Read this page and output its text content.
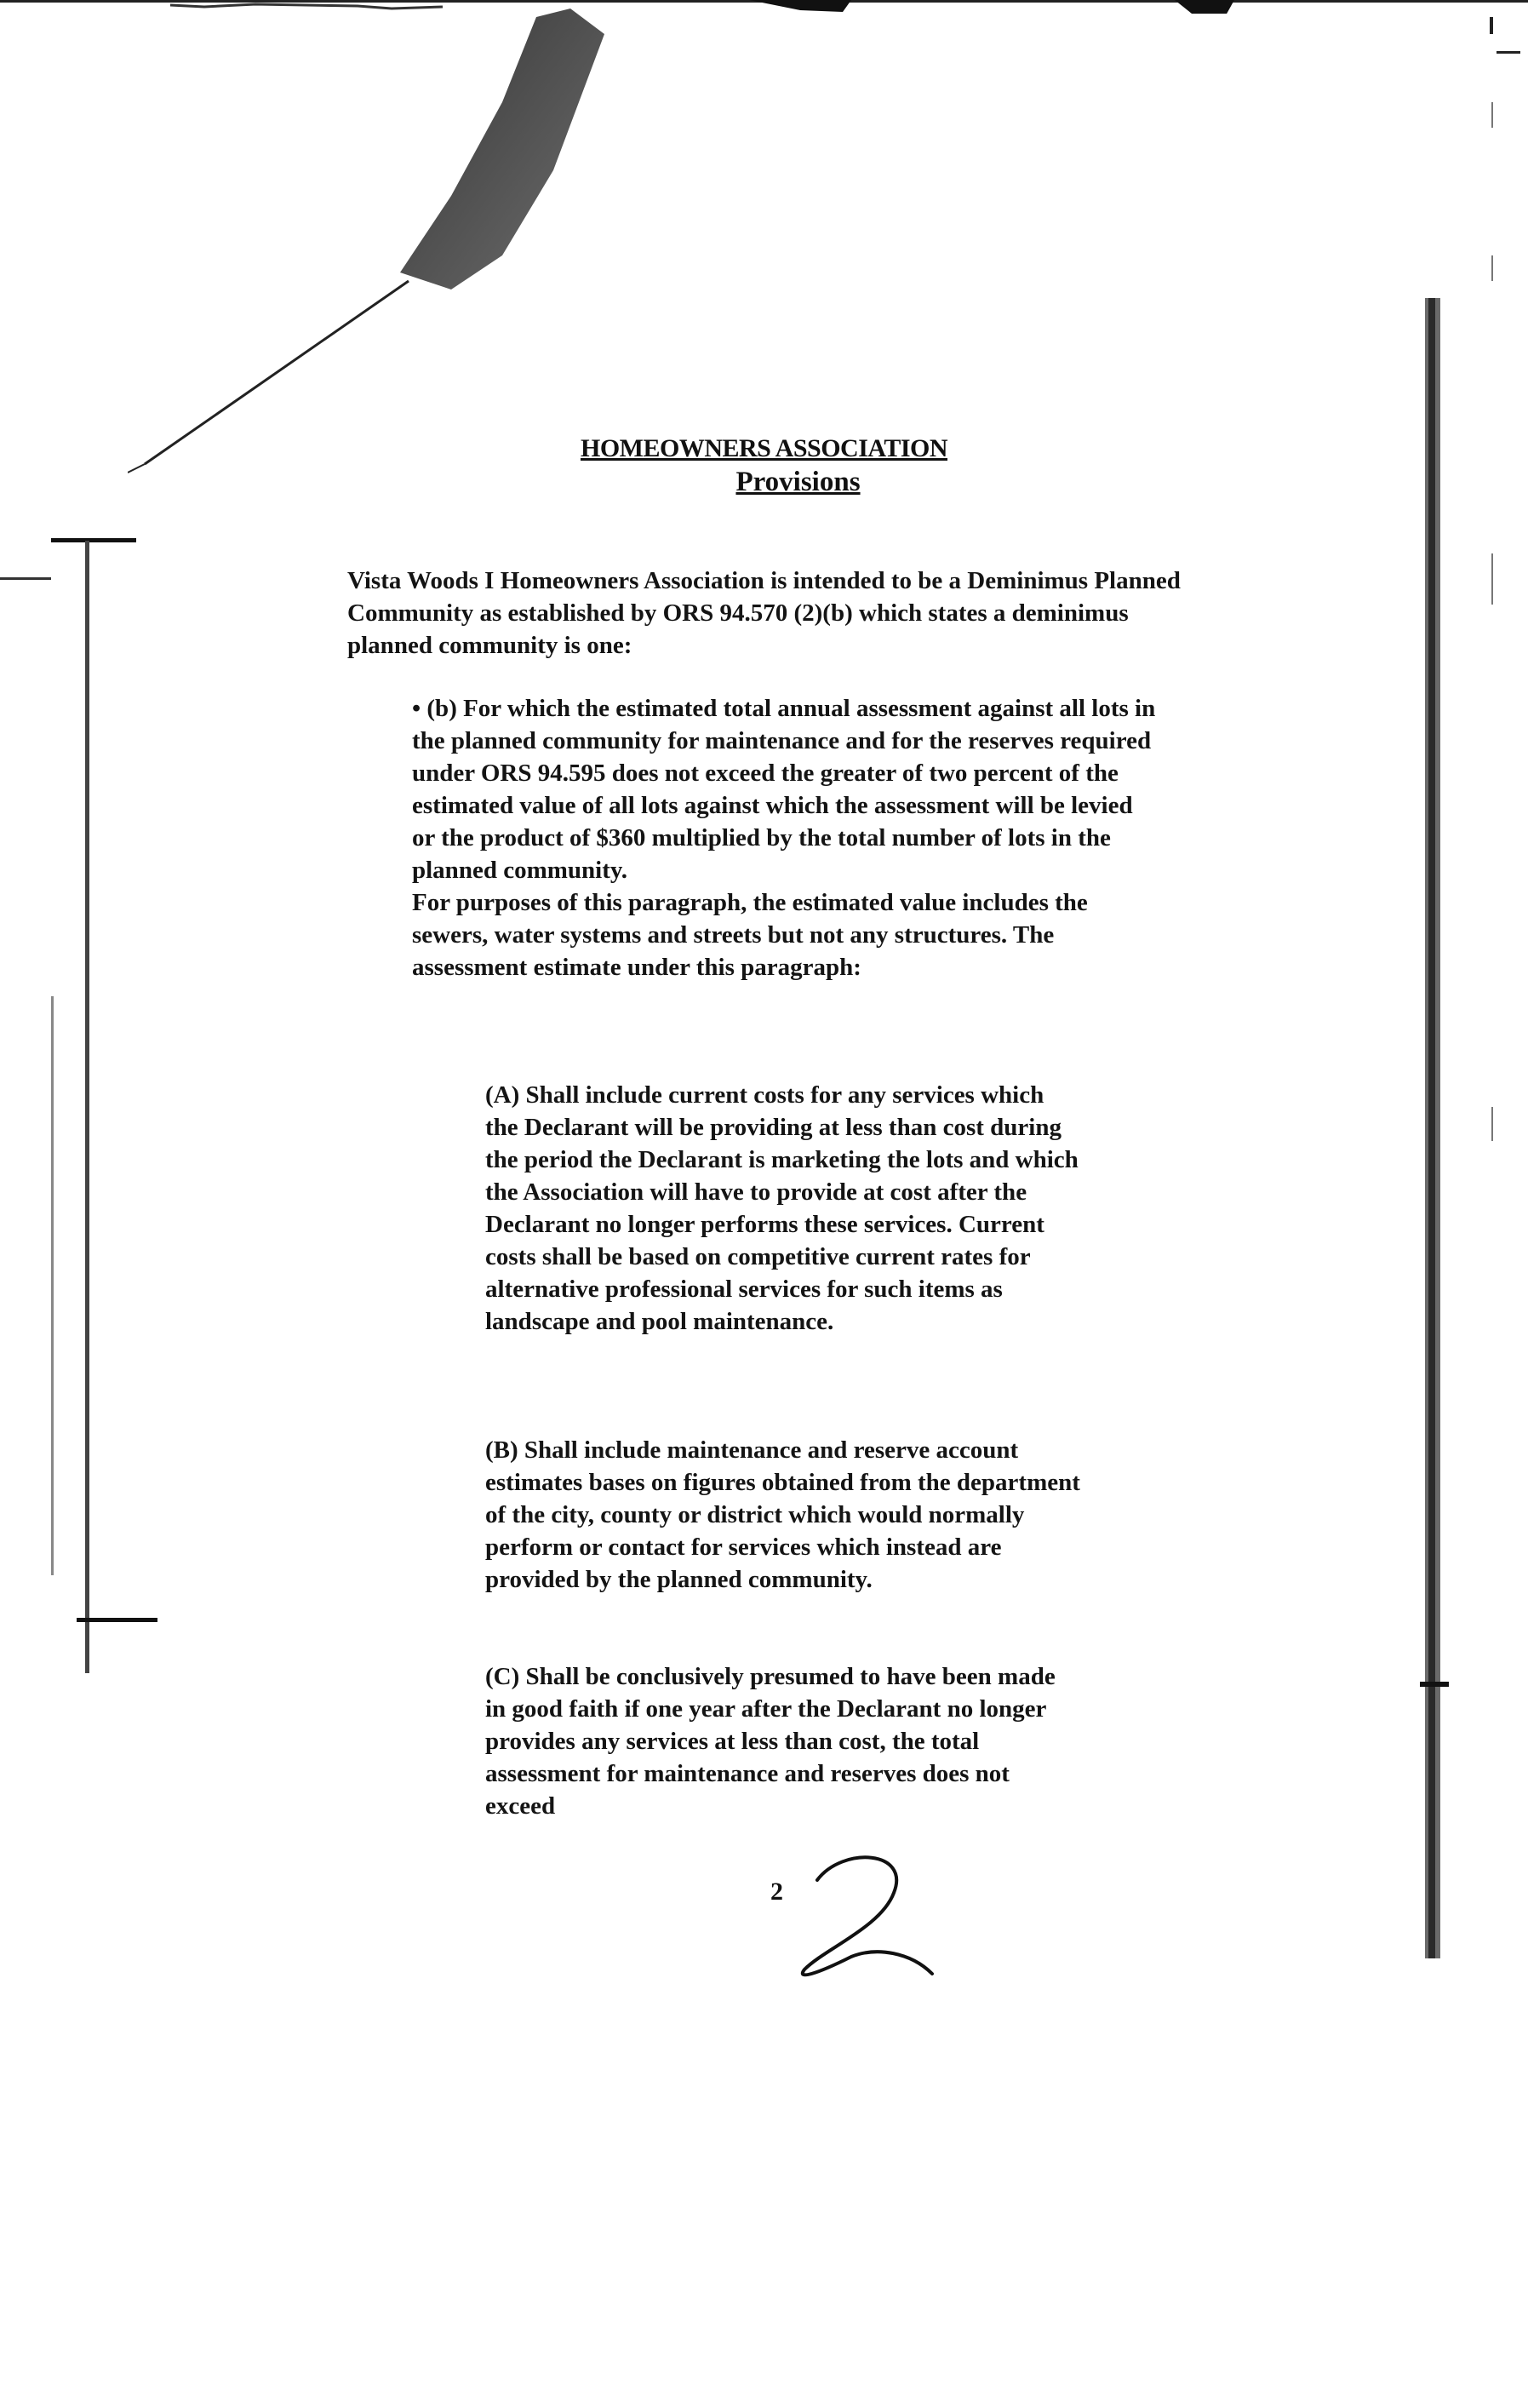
HOMEOWNERS ASSOCIATION
Provisions
Vista Woods I Homeowners Association is intended to be a Deminimus Planned Community as established by ORS 94.570 (2)(b) which states a deminimus planned community is one:
• (b) For which the estimated total annual assessment against all lots in the planned community for maintenance and for the reserves required under ORS 94.595 does not exceed the greater of two percent of the estimated value of all lots against which the assessment will be levied or the product of $360 multiplied by the total number of lots in the planned community.
For purposes of this paragraph, the estimated value includes the sewers, water systems and streets but not any structures. The assessment estimate under this paragraph:
(A) Shall include current costs for any services which the Declarant will be providing at less than cost during the period the Declarant is marketing the lots and which the Association will have to provide at cost after the Declarant no longer performs these services. Current costs shall be based on competitive current rates for alternative professional services for such items as landscape and pool maintenance.
(B) Shall include maintenance and reserve account estimates bases on figures obtained from the department of the city, county or district which would normally perform or contact for services which instead are provided by the planned community.
(C) Shall be conclusively presumed to have been made in good faith if one year after the Declarant no longer provides any services at less than cost, the total assessment for maintenance and reserves does not exceed
2
